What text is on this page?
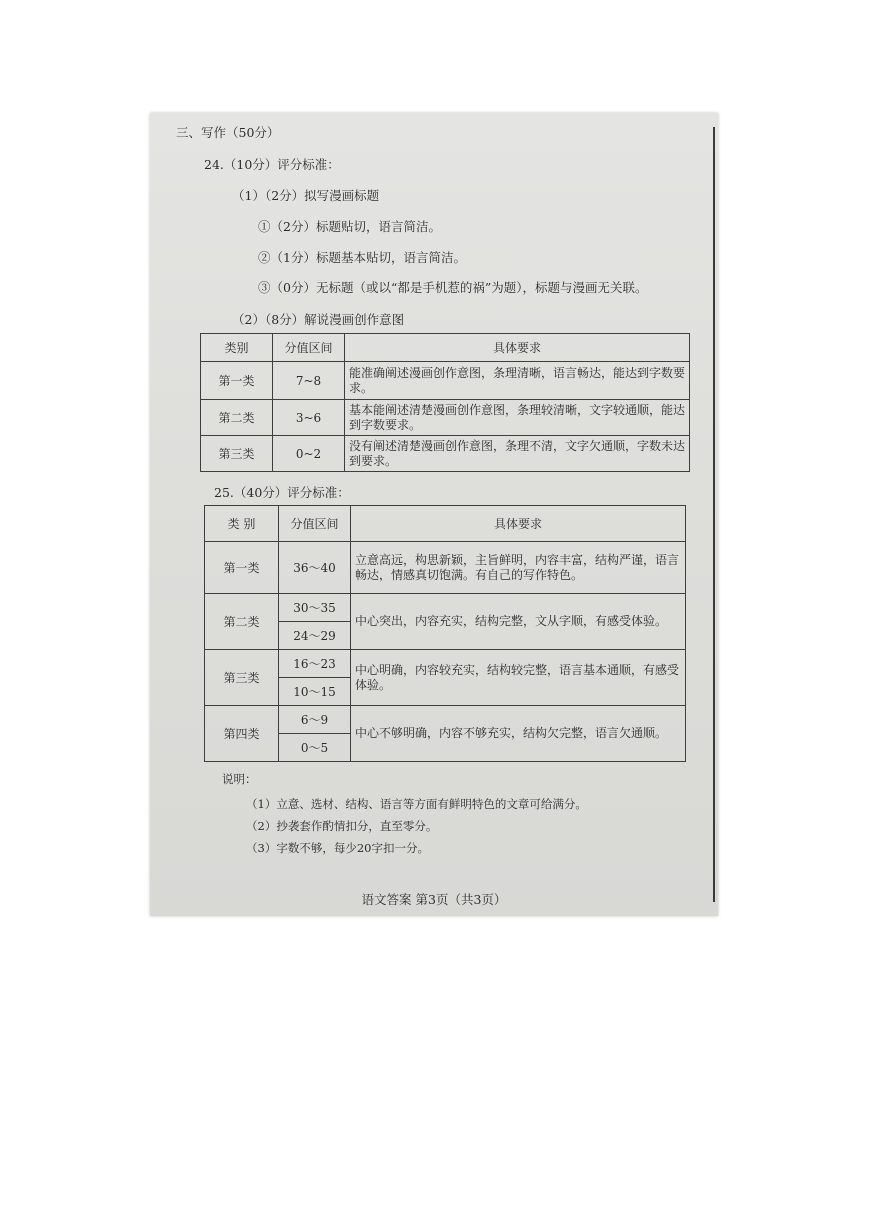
三、写作（50分）
24.（10分）评分标准：
（1）（2分）拟写漫画标题
①（2分）标题贴切，语言简洁。
②（1分）标题基本贴切，语言简洁。
③（0分）无标题（或以“都是手机惹的祸”为题），标题与漫画无关联。
（2）（8分）解说漫画创作意图
类别	分值区间	具体要求
第一类	7~8	能准确阐述漫画创作意图，条理清晰，语言畅达，能达到字数要求。
第二类	3~6	基本能阐述清楚漫画创作意图，条理较清晰，文字较通顺，能达到字数要求。
第三类	0~2	没有阐述清楚漫画创作意图，条理不清，文字欠通顺，字数未达到要求。
25.（40分）评分标准：
类 别	分值区间	具体要求
第一类	36～40	立意高远，构思新颖，主旨鲜明，内容丰富，结构严谨，语言畅达，情感真切饱满。有自己的写作特色。
第二类	30～35	中心突出，内容充实，结构完整，文从字顺，有感受体验。
	24～29	
第三类	16～23	中心明确，内容较充实，结构较完整，语言基本通顺，有感受体验。
	10～15	
第四类	6～9	中心不够明确，内容不够充实，结构欠完整，语言欠通顺。
	0～5	
说明：
（1）立意、选材、结构、语言等方面有鲜明特色的文章可给满分。
（2）抄袭套作酌情扣分，直至零分。
（3）字数不够，每少20字扣一分。
语文答案 第3页（共3页）
